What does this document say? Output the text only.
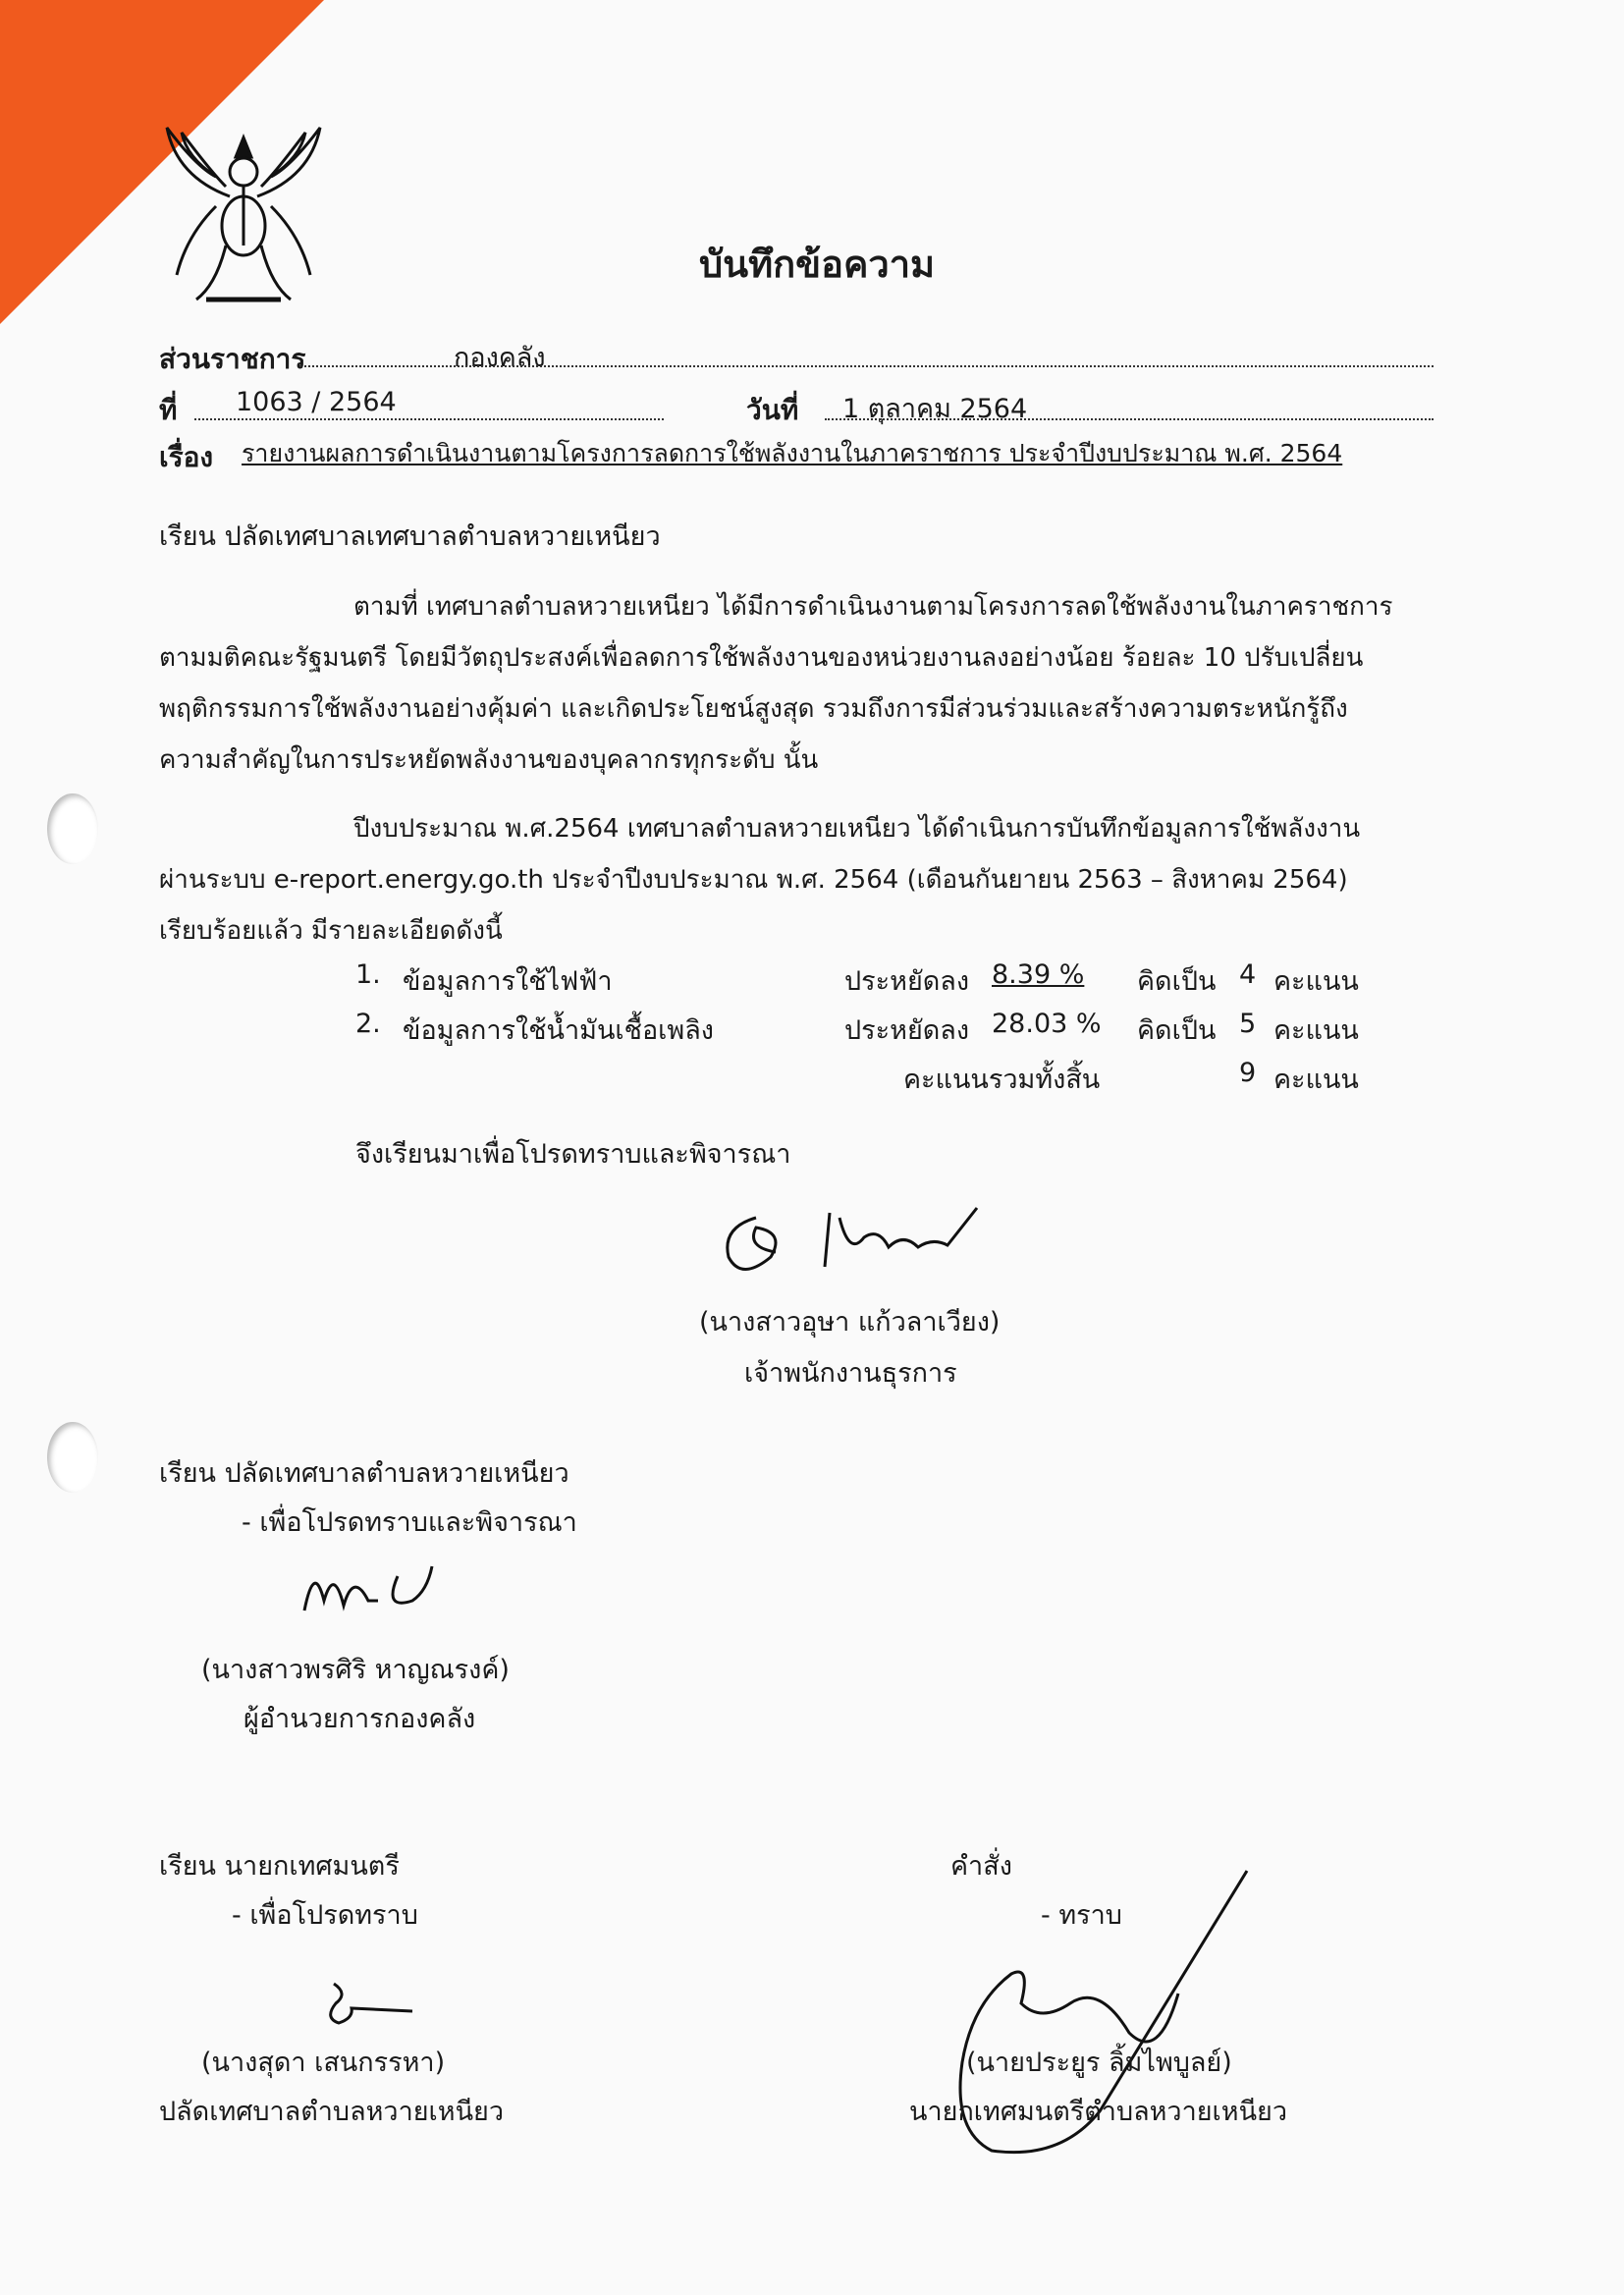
บันทึกข้อความ
ส่วนราชการ	กองคลัง
ที่ 1063 / 2564	วันที่ 1 ตุลาคม 2564
เรื่อง รายงานผลการดำเนินงานตามโครงการลดการใช้พลังงานในภาคราชการ ประจำปีงบประมาณ พ.ศ. 2564
เรียน ปลัดเทศบาลเทศบาลตำบลหวายเหนียว
ตามที่ เทศบาลตำบลหวายเหนียว ได้มีการดำเนินงานตามโครงการลดใช้พลังงานในภาคราชการ
ตามมติคณะรัฐมนตรี โดยมีวัตถุประสงค์เพื่อลดการใช้พลังงานของหน่วยงานลงอย่างน้อย ร้อยละ 10 ปรับเปลี่ยน
พฤติกรรมการใช้พลังงานอย่างคุ้มค่า และเกิดประโยชน์สูงสุด รวมถึงการมีส่วนร่วมและสร้างความตระหนักรู้ถึง
ความสำคัญในการประหยัดพลังงานของบุคลากรทุกระดับ นั้น
ปีงบประมาณ พ.ศ.2564 เทศบาลตำบลหวายเหนียว ได้ดำเนินการบันทึกข้อมูลการใช้พลังงาน
ผ่านระบบ e-report.energy.go.th ประจำปีงบประมาณ พ.ศ. 2564 (เดือนกันยายน 2563 – สิงหาคม 2564)
เรียบร้อยแล้ว มีรายละเอียดดังนี้
1. ข้อมูลการใช้ไฟฟ้า	ประหยัดลง 8.39 % คิดเป็น 4 คะแนน
2. ข้อมูลการใช้น้ำมันเชื้อเพลิง	ประหยัดลง 28.03 % คิดเป็น 5 คะแนน
คะแนนรวมทั้งสิ้น	9 คะแนน
จึงเรียนมาเพื่อโปรดทราบและพิจารณา
(นางสาวอุษา แก้วลาเวียง)
เจ้าพนักงานธุรการ
เรียน ปลัดเทศบาลตำบลหวายเหนียว
- เพื่อโปรดทราบและพิจารณา
(นางสาวพรศิริ หาญณรงค์)
ผู้อำนวยการกองคลัง
เรียน นายกเทศมนตรี
- เพื่อโปรดทราบ
(นางสุดา เสนกรรหา)
ปลัดเทศบาลตำบลหวายเหนียว
คำสั่ง
- ทราบ
(นายประยูร ลิ้มไพบูลย์)
นายกเทศมนตรีตำบลหวายเหนียว
